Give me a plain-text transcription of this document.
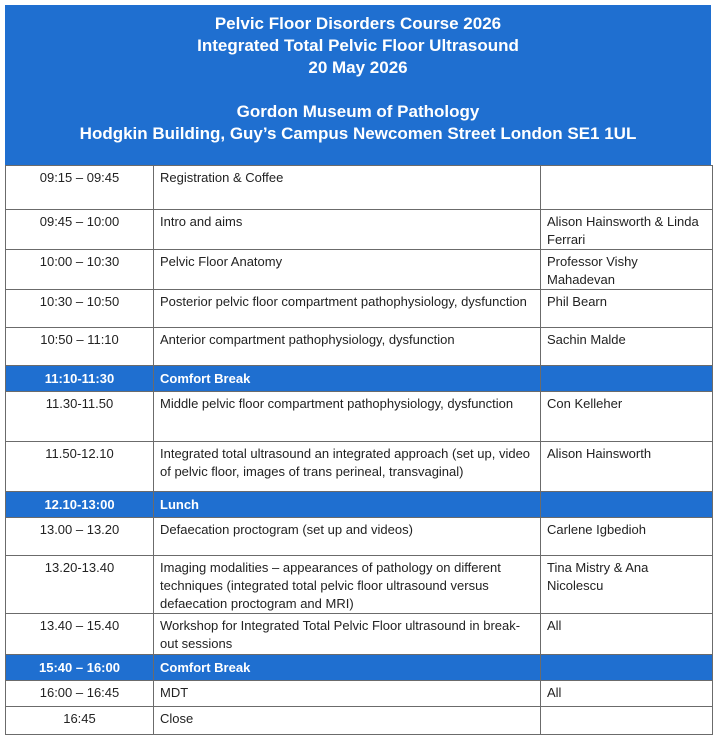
Pelvic Floor Disorders Course 2026
Integrated Total Pelvic Floor Ultrasound
20 May 2026
Gordon Museum of Pathology
Hodgkin Building, Guy’s Campus Newcomen Street London SE1 1UL
09:15 – 09:45	Registration & Coffee	
09:45 – 10:00	Intro and aims	Alison Hainsworth & Linda Ferrari
10:00 – 10:30	Pelvic Floor Anatomy	Professor Vishy Mahadevan
10:30 – 10:50	Posterior pelvic floor compartment pathophysiology, dysfunction	Phil Bearn
10:50 – 11:10	Anterior compartment pathophysiology, dysfunction	Sachin Malde
11:10-11:30	Comfort Break	
11.30-11.50	Middle pelvic floor compartment pathophysiology, dysfunction	Con Kelleher
11.50-12.10	Integrated total ultrasound an integrated approach (set up, video of pelvic floor, images of trans perineal, transvaginal)	Alison Hainsworth
12.10-13:00	Lunch	
13.00 – 13.20	Defaecation proctogram (set up and videos)	Carlene Igbedioh
13.20-13.40	Imaging modalities – appearances of pathology on different techniques (integrated total pelvic floor ultrasound versus defaecation proctogram and MRI)	Tina Mistry & Ana Nicolescu
13.40 – 15.40	Workshop for Integrated Total Pelvic Floor ultrasound in break-out sessions	All
15:40 – 16:00	Comfort Break	
16:00 – 16:45	MDT	All
16:45	Close	
